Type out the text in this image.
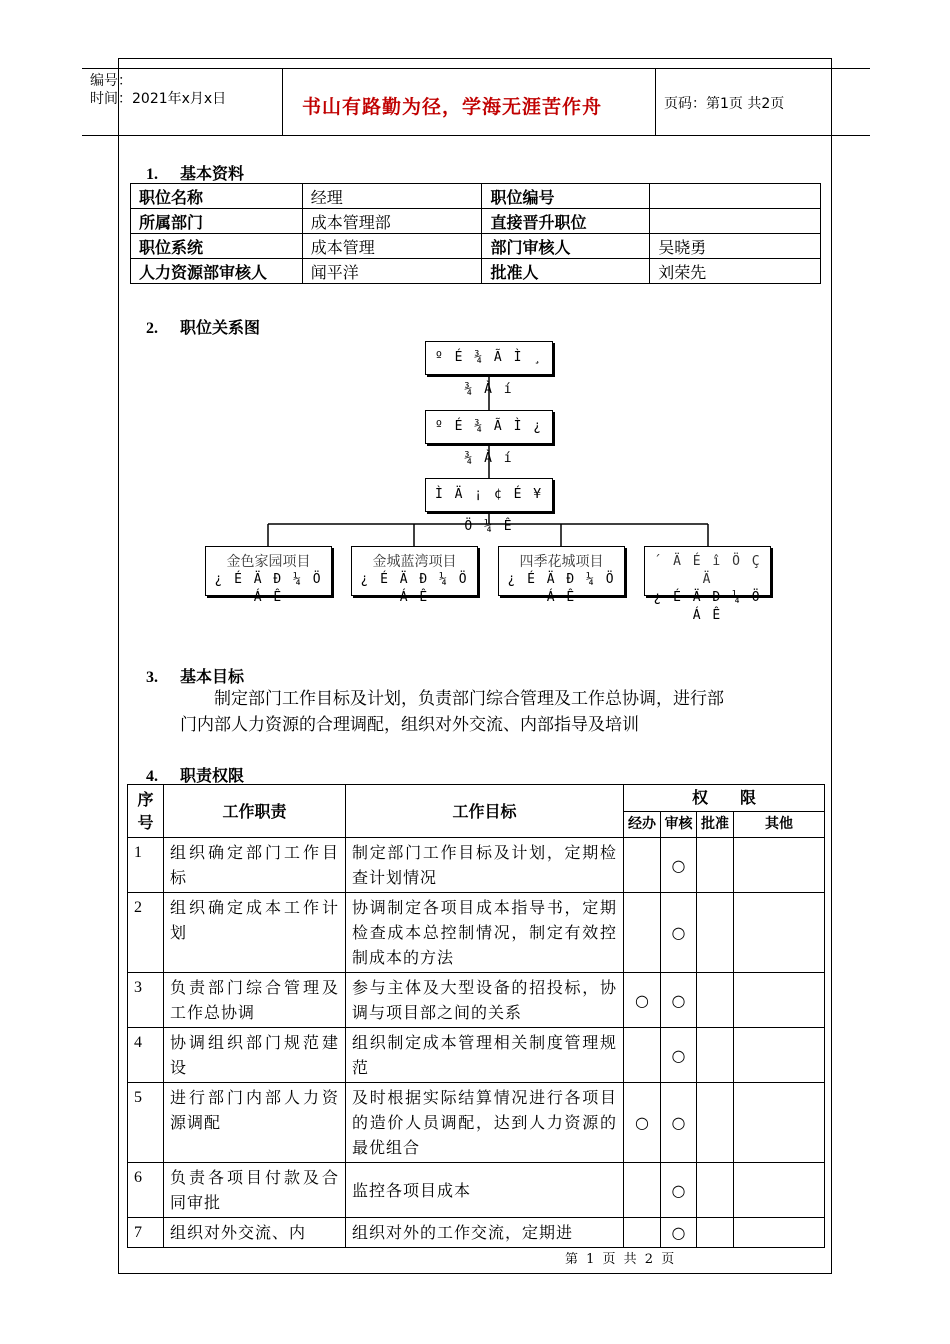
编号：
时间：2021年x月x日	书山有路勤为径，学海无涯苦作舟	页码：第1页 共2页
1. 基本资料
职位名称	经理	职位编号	
所属部门	成本管理部	直接晋升职位	
职位系统	成本管理	部门审核人	吴晓勇
人力资源部审核人	闻平洋	批准人	刘荣先
2. 职位关系图
º É ¾ Ã Ì ¸ ¾ À í
º É ¾ Ã Ì ¿ ¾ À í
Ì Ä ¡ ¢ É ¥ Ö ¼ Ê
金色家园项目
¿ É Ä Ð ¼ Ö Á Ê
金城蓝湾项目
¿ É Ä Ð ¼ Ö Á Ê
四季花城项目
¿ É Ä Ð ¼ Ö Á Ê
´ Ä É î Ö Ç Ä
¿ É Ä Ð ¼ Ö Á Ê
3. 基本目标
制定部门工作目标及计划，负责部门综合管理及工作总协调，进行部
门内部人力资源的合理调配，组织对外交流、内部指导及培训
4. 职责权限
序号	工作职责	工作目标	权　　限			
			经办	审核	批准	其他
1	组织确定部门工作目标	制定部门工作目标及计划，定期检查计划情况		○		
2	组织确定成本工作计划	协调制定各项目成本指导书，定期检查成本总控制情况，制定有效控制成本的方法		○		
3	负责部门综合管理及工作总协调	参与主体及大型设备的招投标，协调与项目部之间的关系	○	○		
4	协调组织部门规范建设	组织制定成本管理相关制度管理规范		○		
5	进行部门内部人力资源调配	及时根据实际结算情况进行各项目的造价人员调配，达到人力资源的最优组合	○	○		
6	负责各项目付款及合同审批	监控各项目成本		○		
7	组织对外交流、内	组织对外的工作交流，定期进		○		
第 1 页 共 2 页
